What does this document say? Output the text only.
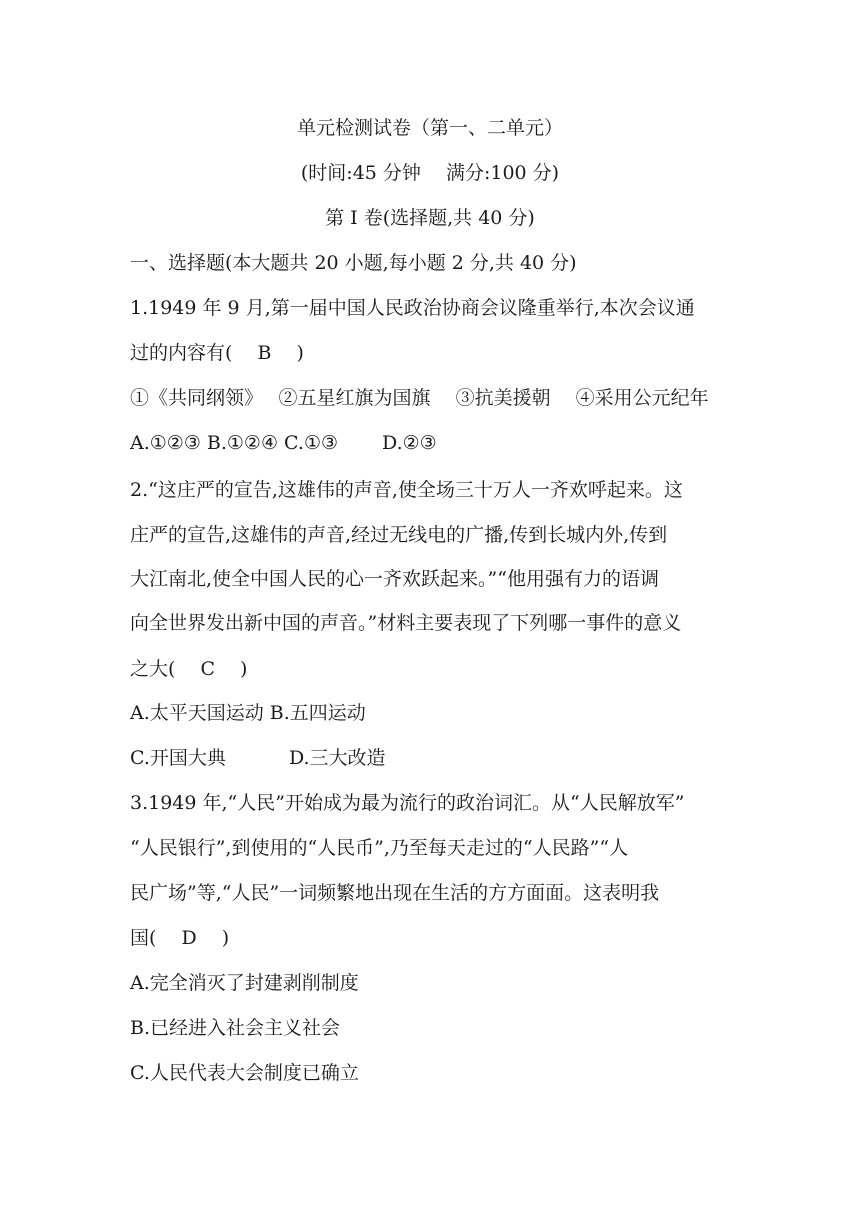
单元检测试卷（第一、二单元）
(时间:45 分钟　 满分:100 分)
第 I 卷(选择题,共 40 分)
一、选择题(本大题共 20 小题,每小题 2 分,共 40 分)
1.1949 年 9 月,第一届中国人民政治协商会议隆重举行,本次会议通
过的内容有(　 B　 )
①《共同纲领》　 ②五星红旗为国旗　 ③抗美援朝　 ④采用公元纪年
A.①②③ B.①②④ C.①③　　 D.②③
2.“这庄严的宣告,这雄伟的声音,使全场三十万人一齐欢呼起来。这
庄严的宣告,这雄伟的声音,经过无线电的广播,传到长城内外,传到
大江南北,使全中国人民的心一齐欢跃起来。”“他用强有力的语调
向全世界发出新中国的声音。”材料主要表现了下列哪一事件的意义
之大(　 C　 )
A.太平天国运动 B.五四运动
C.开国大典　　　 D.三大改造
3.1949 年,“人民”开始成为最为流行的政治词汇。从“人民解放军”
“人民银行”,到使用的“人民币”,乃至每天走过的“人民路”“人
民广场”等,“人民”一词频繁地出现在生活的方方面面。这表明我
国(　 D　 )
A.完全消灭了封建剥削制度
B.已经进入社会主义社会
C.人民代表大会制度已确立
